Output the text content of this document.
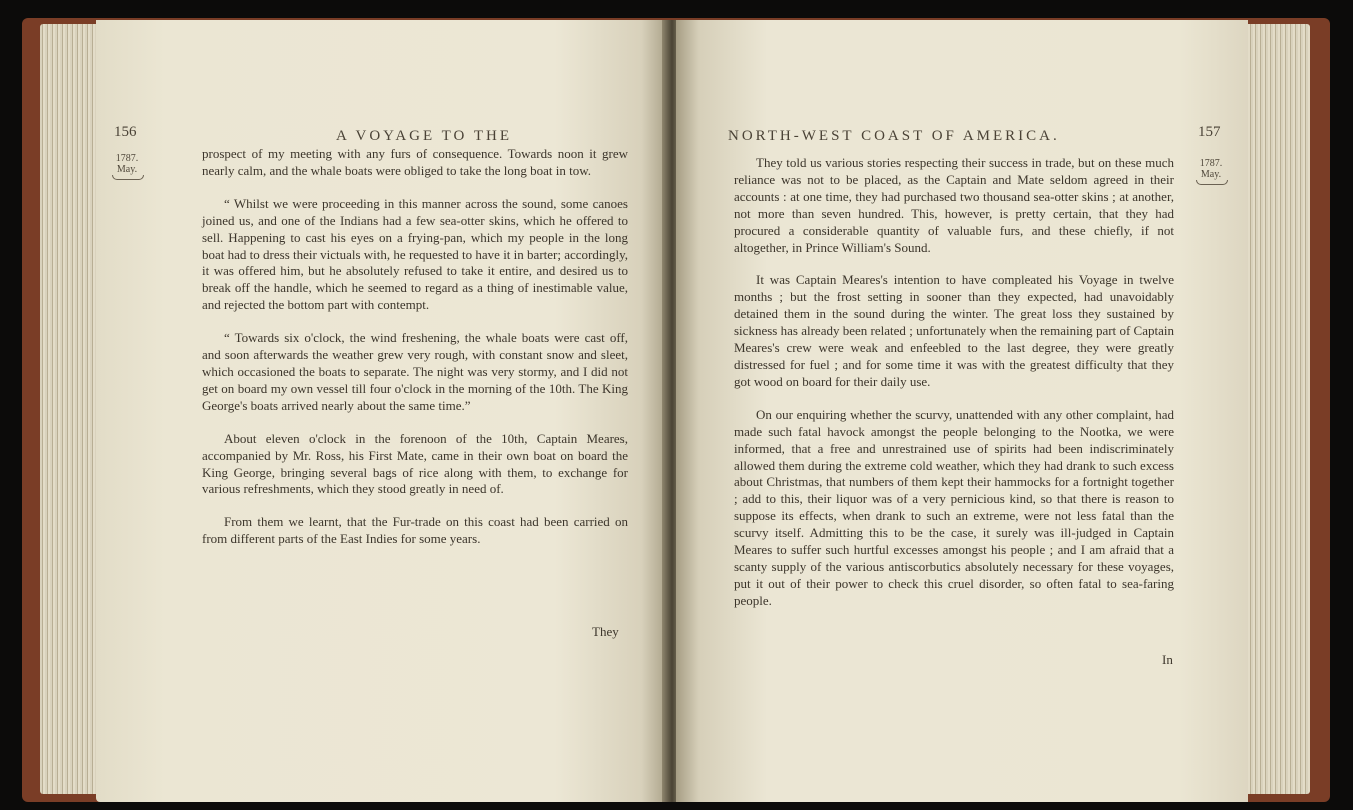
156	A VOYAGE TO THE
1787.
May.

prospect of my meeting with any furs of consequence. Towards noon it grew nearly calm, and the whale boats were obliged to take the long boat in tow.

“ Whilst we were proceeding in this manner across the sound, some canoes joined us, and one of the Indians had a few sea-otter skins, which he offered to sell. Happening to cast his eyes on a frying-pan, which my people in the long boat had to dress their victuals with, he requested to have it in barter; accordingly, it was offered him, but he absolutely refused to take it entire, and desired us to break off the handle, which he seemed to regard as a thing of inestimable value, and rejected the bottom part with contempt.

“ Towards six o'clock, the wind freshening, the whale boats were cast off, and soon afterwards the weather grew very rough, with constant snow and sleet, which occasioned the boats to separate. The night was very stormy, and I did not get on board my own vessel till four o'clock in the morning of the 10th. The King George's boats arrived nearly about the same time.”

About eleven o'clock in the forenoon of the 10th, Captain Meares, accompanied by Mr. Ross, his First Mate, came in their own boat on board the King George, bringing several bags of rice along with them, to exchange for various refreshments, which they stood greatly in need of.

From them we learnt, that the Fur-trade on this coast had been carried on from different parts of the East Indies for some years.

They
NORTH-WEST COAST OF AMERICA.	157
1787.
May.

They told us various stories respecting their success in trade, but on these much reliance was not to be placed, as the Captain and Mate seldom agreed in their accounts : at one time, they had purchased two thousand sea-otter skins ; at another, not more than seven hundred. This, however, is pretty certain, that they had procured a considerable quantity of valuable furs, and these chiefly, if not altogether, in Prince William's Sound.

It was Captain Meares's intention to have compleated his Voyage in twelve months ; but the frost setting in sooner than they expected, had unavoidably detained them in the sound during the winter. The great loss they sustained by sickness has already been related ; unfortunately when the remaining part of Captain Meares's crew were weak and enfeebled to the last degree, they were greatly distressed for fuel ; and for some time it was with the greatest difficulty that they got wood on board for their daily use.

On our enquiring whether the scurvy, unattended with any other complaint, had made such fatal havock amongst the people belonging to the Nootka, we were informed, that a free and unrestrained use of spirits had been indiscriminately allowed them during the extreme cold weather, which they had drank to such excess about Christmas, that numbers of them kept their hammocks for a fortnight together ; add to this, their liquor was of a very pernicious kind, so that there is reason to suppose its effects, when drank to such an extreme, were not less fatal than the scurvy itself. Admitting this to be the case, it surely was ill-judged in Captain Meares to suffer such hurtful excesses amongst his people ; and I am afraid that a scanty supply of the various antiscorbutics absolutely necessary for these voyages, put it out of their power to check this cruel disorder, so often fatal to sea-faring people.

In
